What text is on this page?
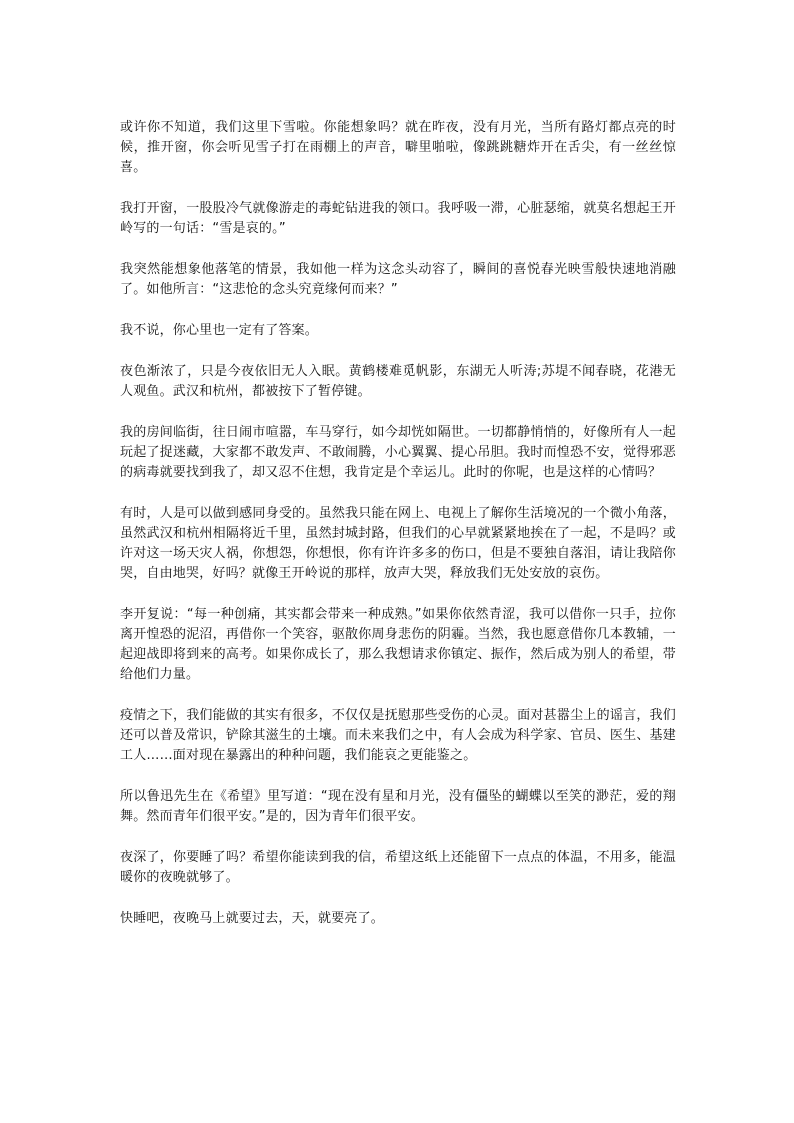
或许你不知道，我们这里下雪啦。你能想象吗？就在昨夜，没有月光，当所有路灯都点亮的时候，推开窗，你会听见雪子打在雨棚上的声音，噼里啪啦，像跳跳糖炸开在舌尖，有一丝丝惊喜。

我打开窗，一股股冷气就像游走的毒蛇钻进我的领口。我呼吸一滞，心脏瑟缩，就莫名想起王开岭写的一句话：“雪是哀的。”

我突然能想象他落笔的情景，我如他一样为这念头动容了，瞬间的喜悦春光映雪般快速地消融了。如他所言：“这悲怆的念头究竟缘何而来？”

我不说，你心里也一定有了答案。

夜色渐浓了，只是今夜依旧无人入眠。黄鹤楼难觅帆影，东湖无人听涛;苏堤不闻春晓，花港无人观鱼。武汉和杭州，都被按下了暂停键。

我的房间临街，往日闹市喧嚣，车马穿行，如今却恍如隔世。一切都静悄悄的，好像所有人一起玩起了捉迷藏，大家都不敢发声、不敢闹腾，小心翼翼、提心吊胆。我时而惶恐不安，觉得邪恶的病毒就要找到我了，却又忍不住想，我肯定是个幸运儿。此时的你呢，也是这样的心情吗？

有时，人是可以做到感同身受的。虽然我只能在网上、电视上了解你生活境况的一个微小角落，虽然武汉和杭州相隔将近千里，虽然封城封路，但我们的心早就紧紧地挨在了一起，不是吗？或许对这一场天灾人祸，你想怨，你想恨，你有许许多多的伤口，但是不要独自落泪，请让我陪你哭，自由地哭，好吗？就像王开岭说的那样，放声大哭，释放我们无处安放的哀伤。

李开复说：“每一种创痛，其实都会带来一种成熟。”如果你依然青涩，我可以借你一只手，拉你离开惶恐的泥沼，再借你一个笑容，驱散你周身悲伤的阴霾。当然，我也愿意借你几本教辅，一起迎战即将到来的高考。如果你成长了，那么我想请求你镇定、振作，然后成为别人的希望，带给他们力量。

疫情之下，我们能做的其实有很多，不仅仅是抚慰那些受伤的心灵。面对甚嚣尘上的谣言，我们还可以普及常识，铲除其滋生的土壤。而未来我们之中，有人会成为科学家、官员、医生、基建工人……面对现在暴露出的种种问题，我们能哀之更能鉴之。

所以鲁迅先生在《希望》里写道：“现在没有星和月光，没有僵坠的蝴蝶以至笑的渺茫，爱的翔舞。然而青年们很平安。”是的，因为青年们很平安。

夜深了，你要睡了吗？希望你能读到我的信，希望这纸上还能留下一点点的体温，不用多，能温暖你的夜晚就够了。

快睡吧，夜晚马上就要过去，天，就要亮了。
